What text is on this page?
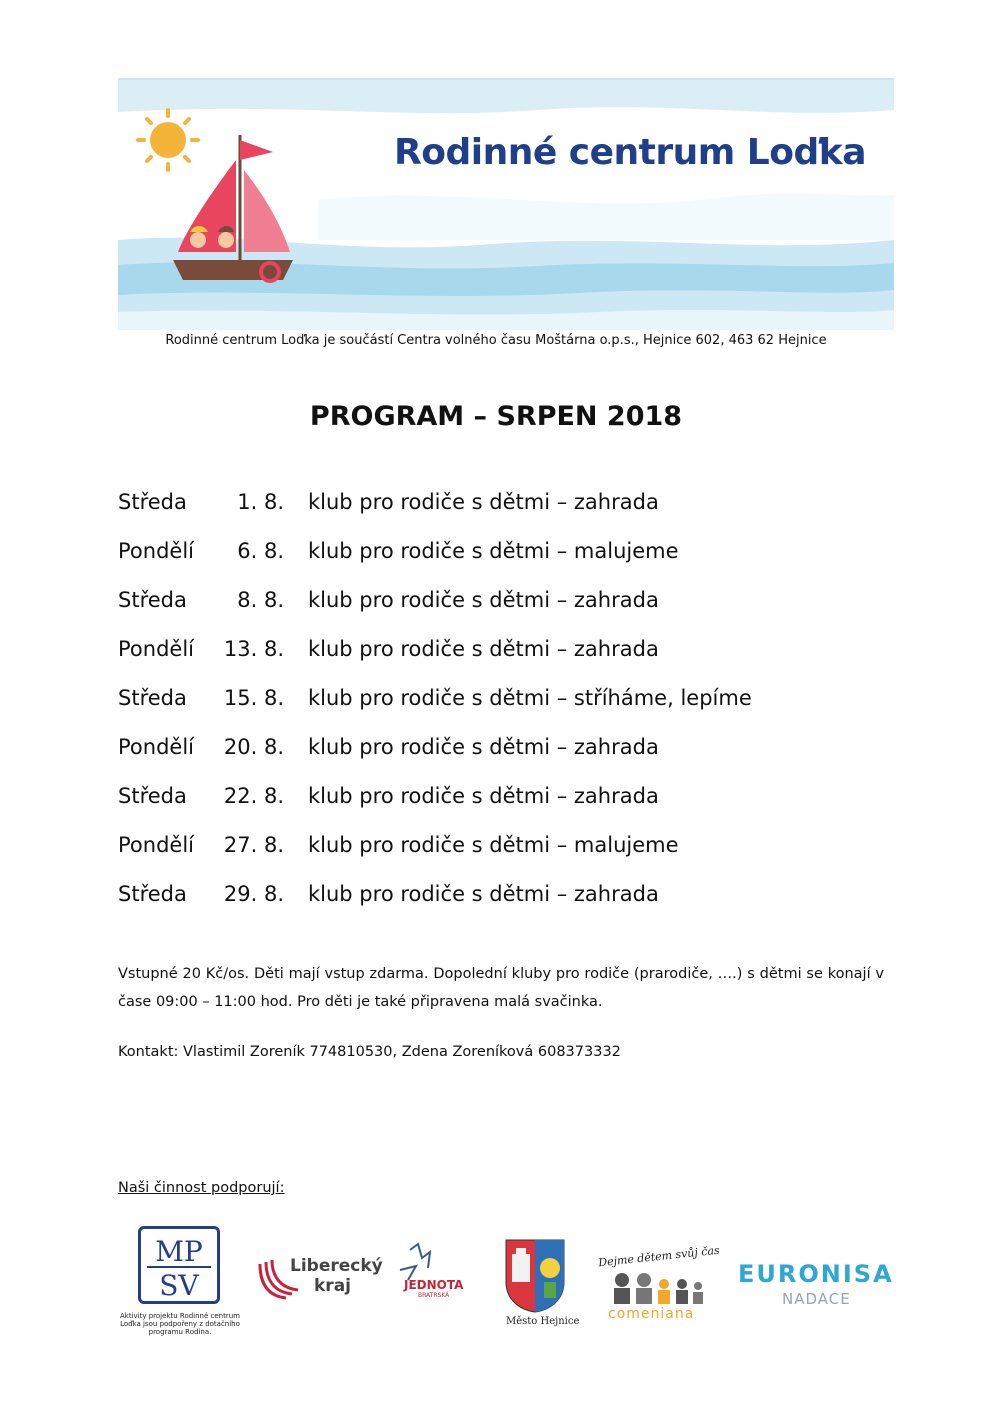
Rodinné centrum Loďka
Rodinné centrum Loďka je součástí Centra volného času Moštárna o.p.s., Hejnice 602, 463 62 Hejnice
PROGRAM – SRPEN 2018
Středa 1. 8. klub pro rodiče s dětmi – zahrada
Pondělí 6. 8. klub pro rodiče s dětmi – malujeme
Středa 8. 8. klub pro rodiče s dětmi – zahrada
Pondělí 13. 8. klub pro rodiče s dětmi – zahrada
Středa 15. 8. klub pro rodiče s dětmi – stříháme, lepíme
Pondělí 20. 8. klub pro rodiče s dětmi – zahrada
Středa 22. 8. klub pro rodiče s dětmi – zahrada
Pondělí 27. 8. klub pro rodiče s dětmi – malujeme
Středa 29. 8. klub pro rodiče s dětmi – zahrada
Vstupné 20 Kč/os. Děti mají vstup zdarma. Dopolední kluby pro rodiče (prarodiče, ….) s dětmi se konají v čase 09:00 – 11:00 hod. Pro děti je také připravena malá svačinka.
Kontakt: Vlastimil Zoreník 774810530, Zdena Zoreníková 608373332
Naši činnost podporují:
MP
SV
Aktivity projektu Rodinné centrum Loďka jsou podpořeny z dotačního programu Rodina.
Liberecký
kraj	JEDNOTA
BRATRSKÁ
Město Hejnice
Dejme dětem svůj čas
comeniana
EURONISA
NADACE
